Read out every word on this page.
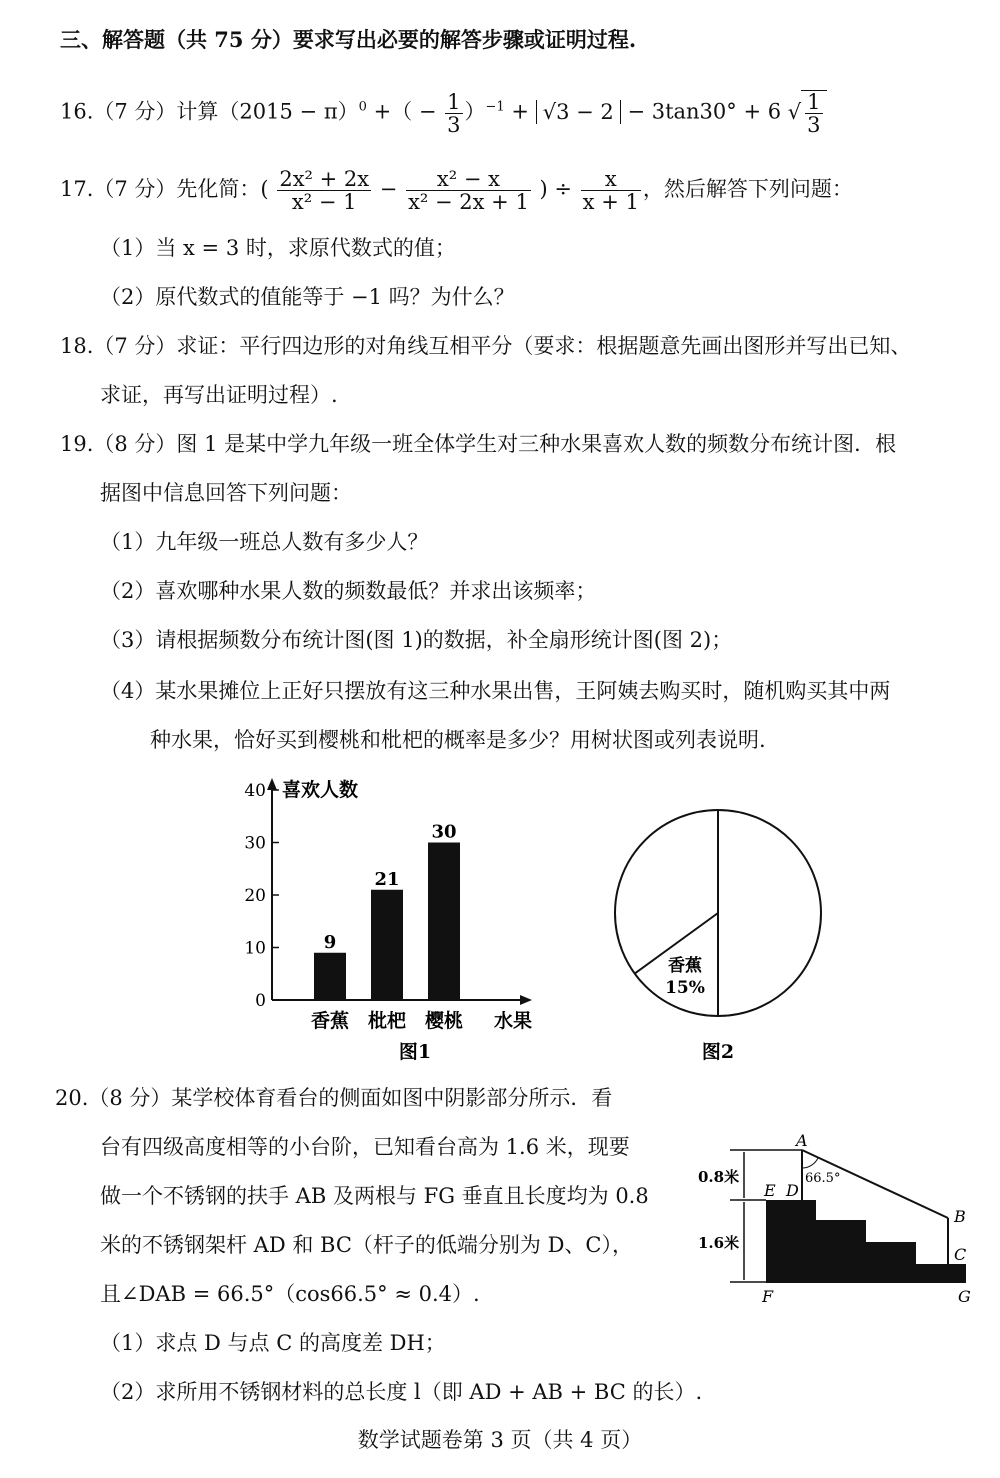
三、解答题（共 75 分）要求写出必要的解答步骤或证明过程.
16.（7 分）计算$(2015 - \pi)^0$ +（ − $\frac{1}{3} )^{-1} + √3 - 2 - 3\tan 30^\circ + 6$ √ $\frac{1}{3}$
17.（7 分）先化简：( $\frac{\text{2x² + 2x}}{\text{x² − 1}} - \frac{\text{x² − x}}{\text{x² − 2x + 1}}$ ) ÷ $\frac{x}{x + 1}$ ，然后解答下列问题：
（1）当 x = 3 时，求原代数式的值；
（2）原代数式的值能等于 −1 吗？为什么？
18.（7 分）求证：平行四边形的对角线互相平分（要求：根据题意先画出图形并写出已知、
求证，再写出证明过程）.
19.（8 分）图 1 是某中学九年级一班全体学生对三种水果喜欢人数的频数分布统计图．根
据图中信息回答下列问题：
（1）九年级一班总人数有多少人？
（2）喜欢哪种水果人数的频数最低？并求出该频率；
（3）请根据频数分布统计图(图 1)的数据，补全扇形统计图(图 2)；
（4）某水果摊位上正好只摆放有这三种水果出售，王阿姨去购买时，随机购买其中两
种水果，恰好买到樱桃和枇杷的概率是多少？用树状图或列表说明.
喜欢人数
水果
0
10
20
30
40
9
香蕉
21
枇杷
30
樱桃
图1
香蕉
15%
图2
20.（8 分）某学校体育看台的侧面如图中阴影部分所示．看
台有四级高度相等的小台阶，已知看台高为 1.6 米，现要
做一个不锈钢的扶手 AB 及两根与 FG 垂直且长度均为 0.8
米的不锈钢架杆 AD 和 BC（杆子的低端分别为 D、C），
且∠DAB = 66.5°（cos66.5° ≈ 0.4）.
（1）求点 D 与点 C 的高度差 DH；
（2）求所用不锈钢材料的总长度 l（即 AD + AB + BC 的长）.
0.8米
1.6米
66.5°
A
B
C
D
E
F	G
数学试题卷第 3 页（共 4 页）
